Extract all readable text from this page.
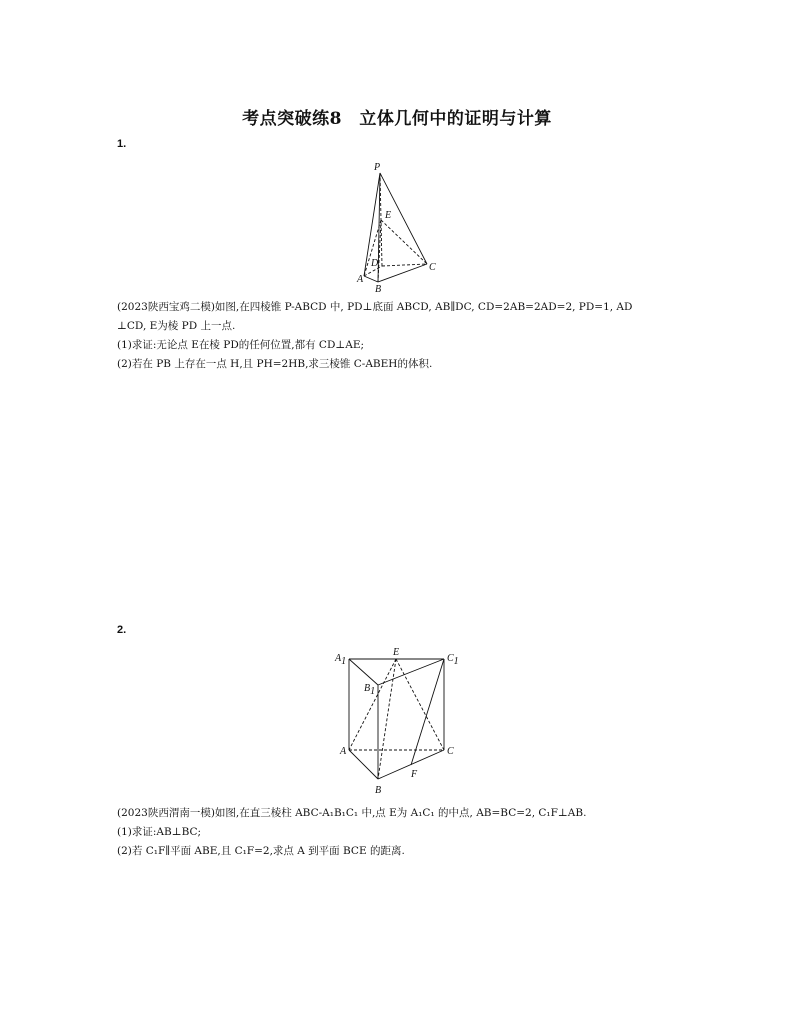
考点突破练8　立体几何中的证明与计算
1.
P
E
D
A
B
C
(2023陕西宝鸡二模)如图,在四棱锥 P-ABCD 中, PD⊥底面 ABCD, AB∥DC, CD=2AB=2AD=2, PD=1, AD
⊥CD, E为棱 PD 上一点.
(1)求证:无论点 E在棱 PD的任何位置,都有 CD⊥AE;
(2)若在 PB 上存在一点 H,且 PH=2HB,求三棱锥 C-ABEH的体积.
2.
A1
E
C1
B1
A	C
F
B
(2023陕西渭南一模)如图,在直三棱柱 ABC-A₁B₁C₁ 中,点 E为 A₁C₁ 的中点, AB=BC=2, C₁F⊥AB.
(1)求证:AB⊥BC;
(2)若 C₁F∥平面 ABE,且 C₁F=2,求点 A 到平面 BCE 的距离.
